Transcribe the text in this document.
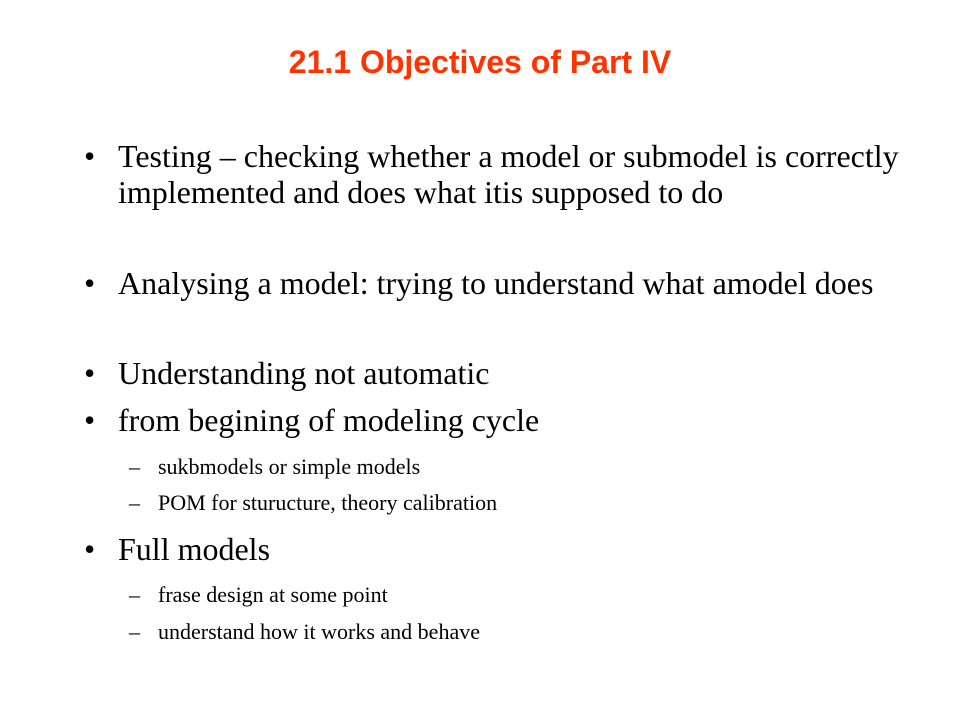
21.1 Objectives of Part IV
• Testing – checking whether a model or submodel is correctly implemented and does what itis supposed to do
• Analysing a model: trying to understand what amodel does
• Understanding not automatic
• from begining of modeling cycle
– sukbmodels or simple models
– POM for sturucture, theory calibration
• Full models
– frase design at some point
– understand how it works and behave
